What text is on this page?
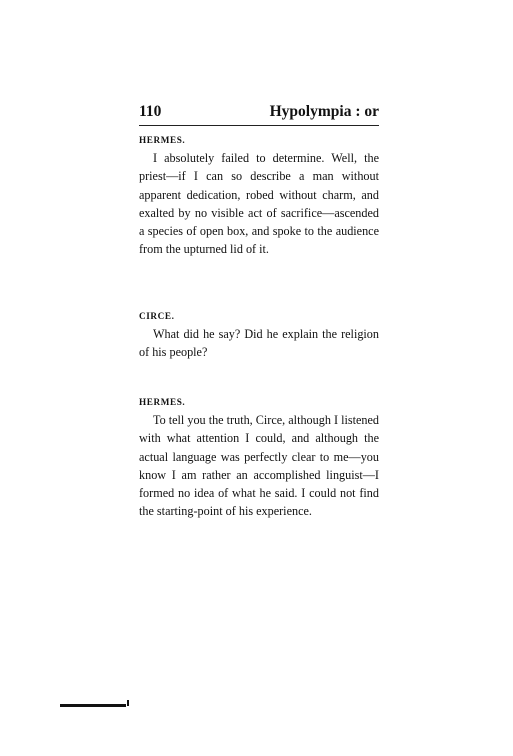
110	Hypolympia : or
HERMES.

I absolutely failed to determine. Well, the priest—if I can so describe a man without apparent dedication, robed without charm, and exalted by no visible act of sacrifice—ascended a species of open box, and spoke to the audience from the upturned lid of it.

CIRCE.

What did he say? Did he explain the religion of his people?

HERMES.

To tell you the truth, Circe, although I listened with what attention I could, and although the actual language was perfectly clear to me—you know I am rather an accomplished linguist—I formed no idea of what he said. I could not find the starting-point of his experience.
